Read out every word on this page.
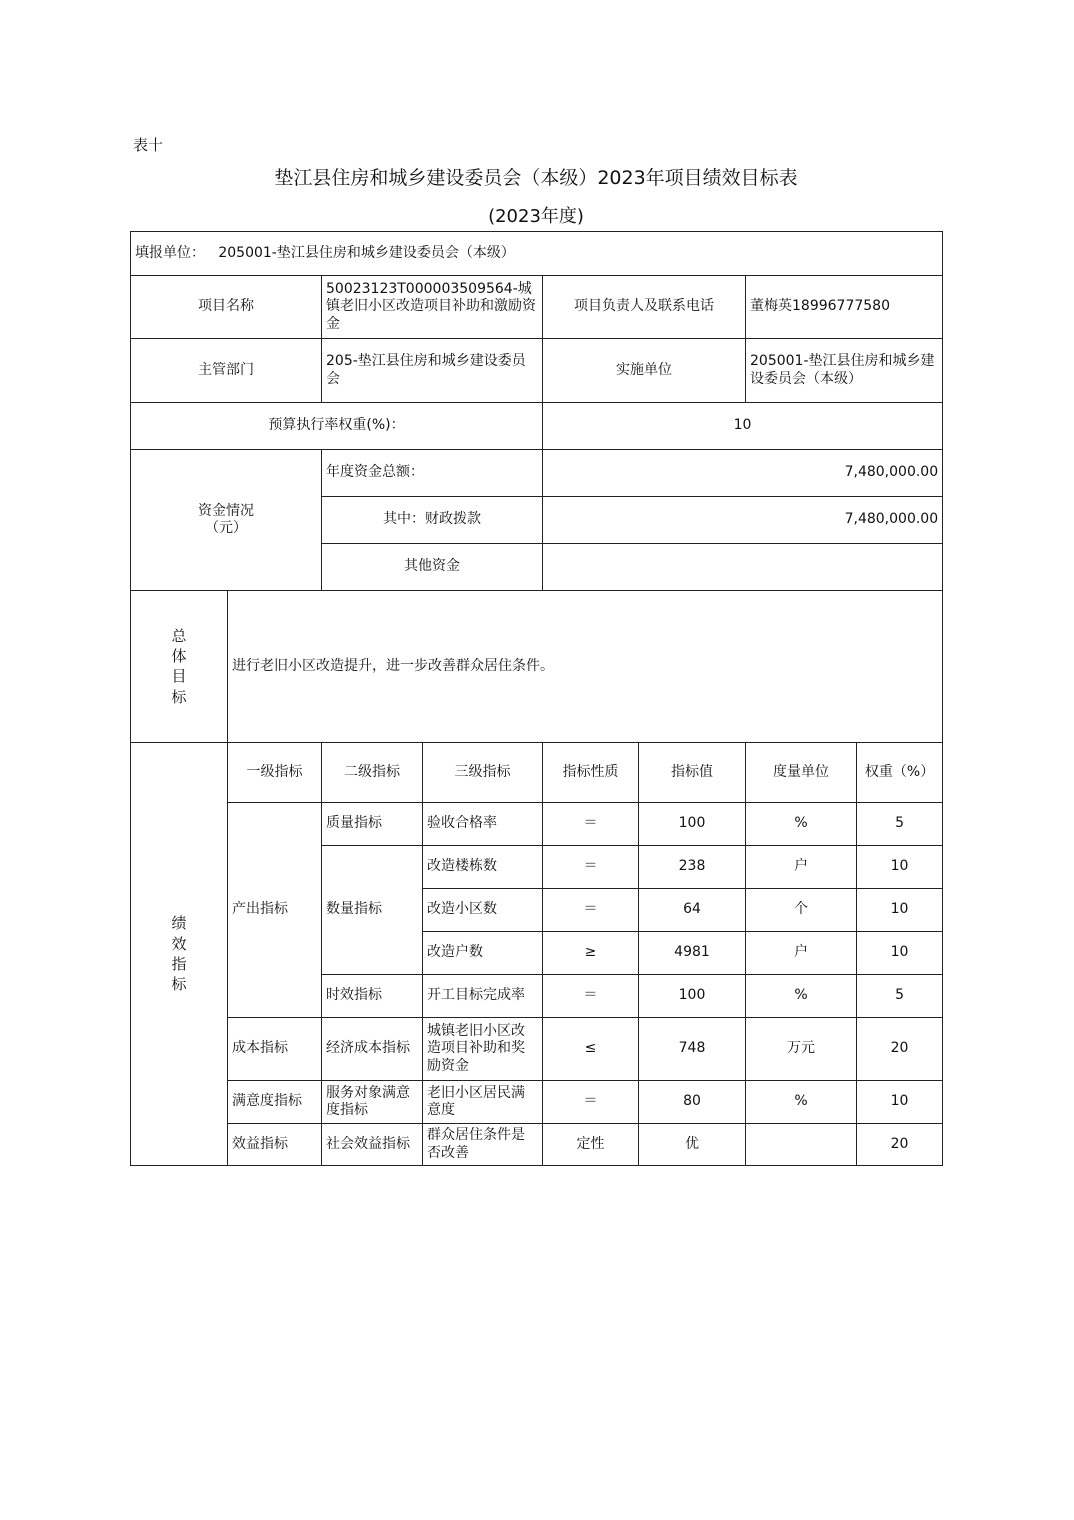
表十
垫江县住房和城乡建设委员会（本级）2023年项目绩效目标表
(2023年度)
填报单位： 205001-垫江县住房和城乡建设委员会（本级）							
项目名称		50023123T000003509564-城镇老旧小区改造项目补助和激励资金		项目负责人及联系电话		董梅英18996777580	
主管部门		205-垫江县住房和城乡建设委员会		实施单位		205001-垫江县住房和城乡建设委员会（本级）	
预算执行率权重(%)：				10			

资金情况
（元）		年度资金总额：		7,480,000.00			
		其中：财政拨款		7,480,000.00			
		其他资金					
总体目标	进行老旧小区改造提升，进一步改善群众居住条件。						
绩效指标	一级指标	二级指标	三级指标	指标性质	指标值	度量单位	权重（%）
	产出指标	质量指标	验收合格率	＝	100	%	5
		数量指标	改造楼栋数	＝	238	户	10
			改造小区数	＝	64	个	10
			改造户数	≥	4981	户	10
		时效指标	开工目标完成率	＝	100	%	5
	成本指标	经济成本指标	城镇老旧小区改造项目补助和奖励资金	≤	748	万元	20
	满意度指标	服务对象满意度指标	老旧小区居民满意度	＝	80	%	10
	效益指标	社会效益指标	群众居住条件是否改善	定性	优		20
